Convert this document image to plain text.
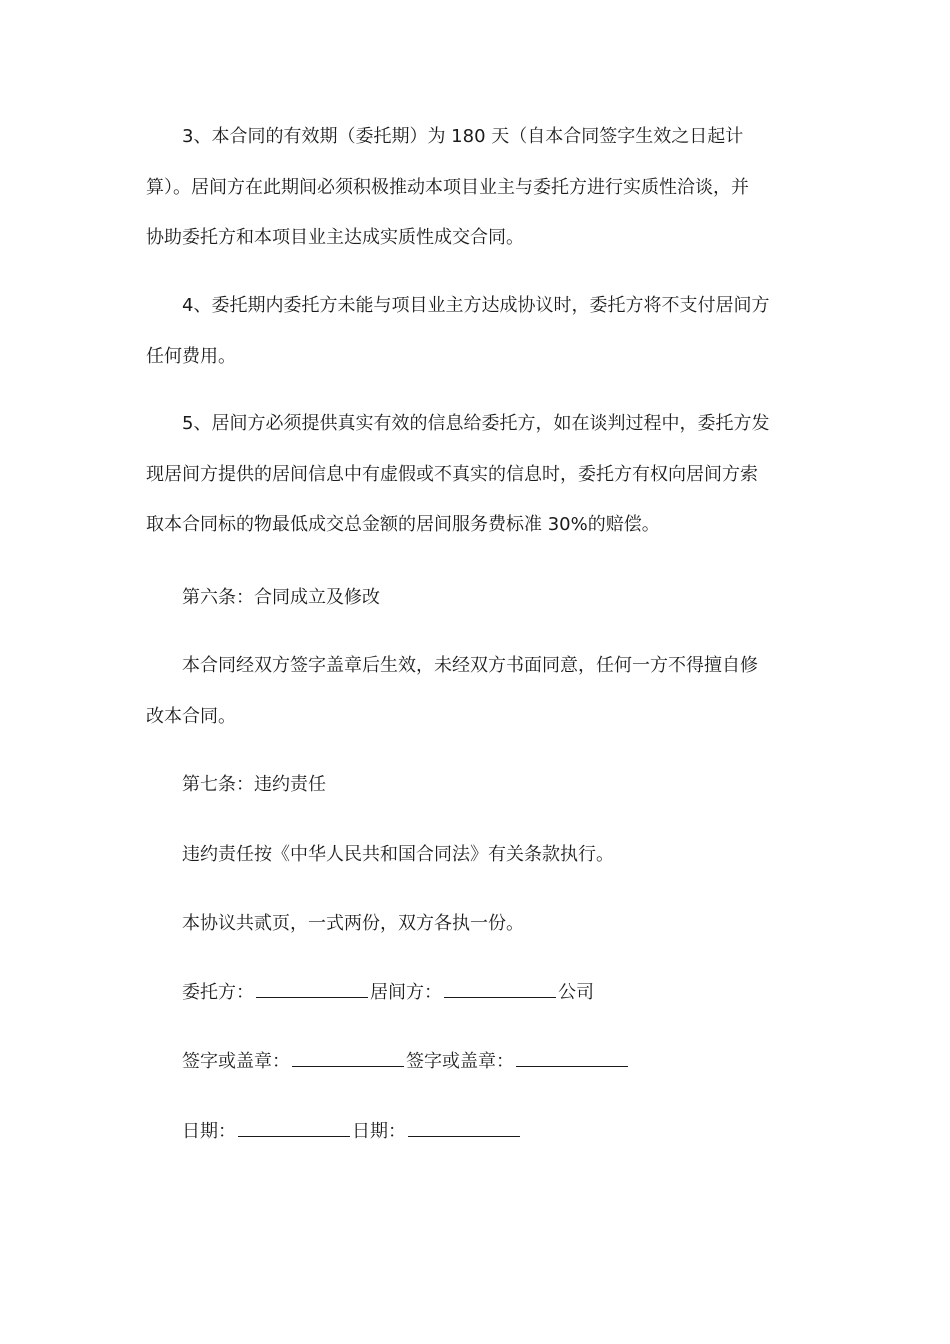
3、本合同的有效期（委托期）为 180 天（自本合同签字生效之日起计
算）。居间方在此期间必须积极推动本项目业主与委托方进行实质性洽谈，并
协助委托方和本项目业主达成实质性成交合同。
4、委托期内委托方未能与项目业主方达成协议时，委托方将不支付居间方
任何费用。
5、居间方必须提供真实有效的信息给委托方，如在谈判过程中，委托方发
现居间方提供的居间信息中有虚假或不真实的信息时，委托方有权向居间方索
取本合同标的物最低成交总金额的居间服务费标准 30%的赔偿。
第六条：合同成立及修改
本合同经双方签字盖章后生效，未经双方书面同意，任何一方不得擅自修
改本合同。
第七条：违约责任
违约责任按《中华人民共和国合同法》有关条款执行。
本协议共贰页，一式两份，双方各执一份。
委托方：	居间方：	公司
签字或盖章：	签字或盖章：
日期：	日期：
